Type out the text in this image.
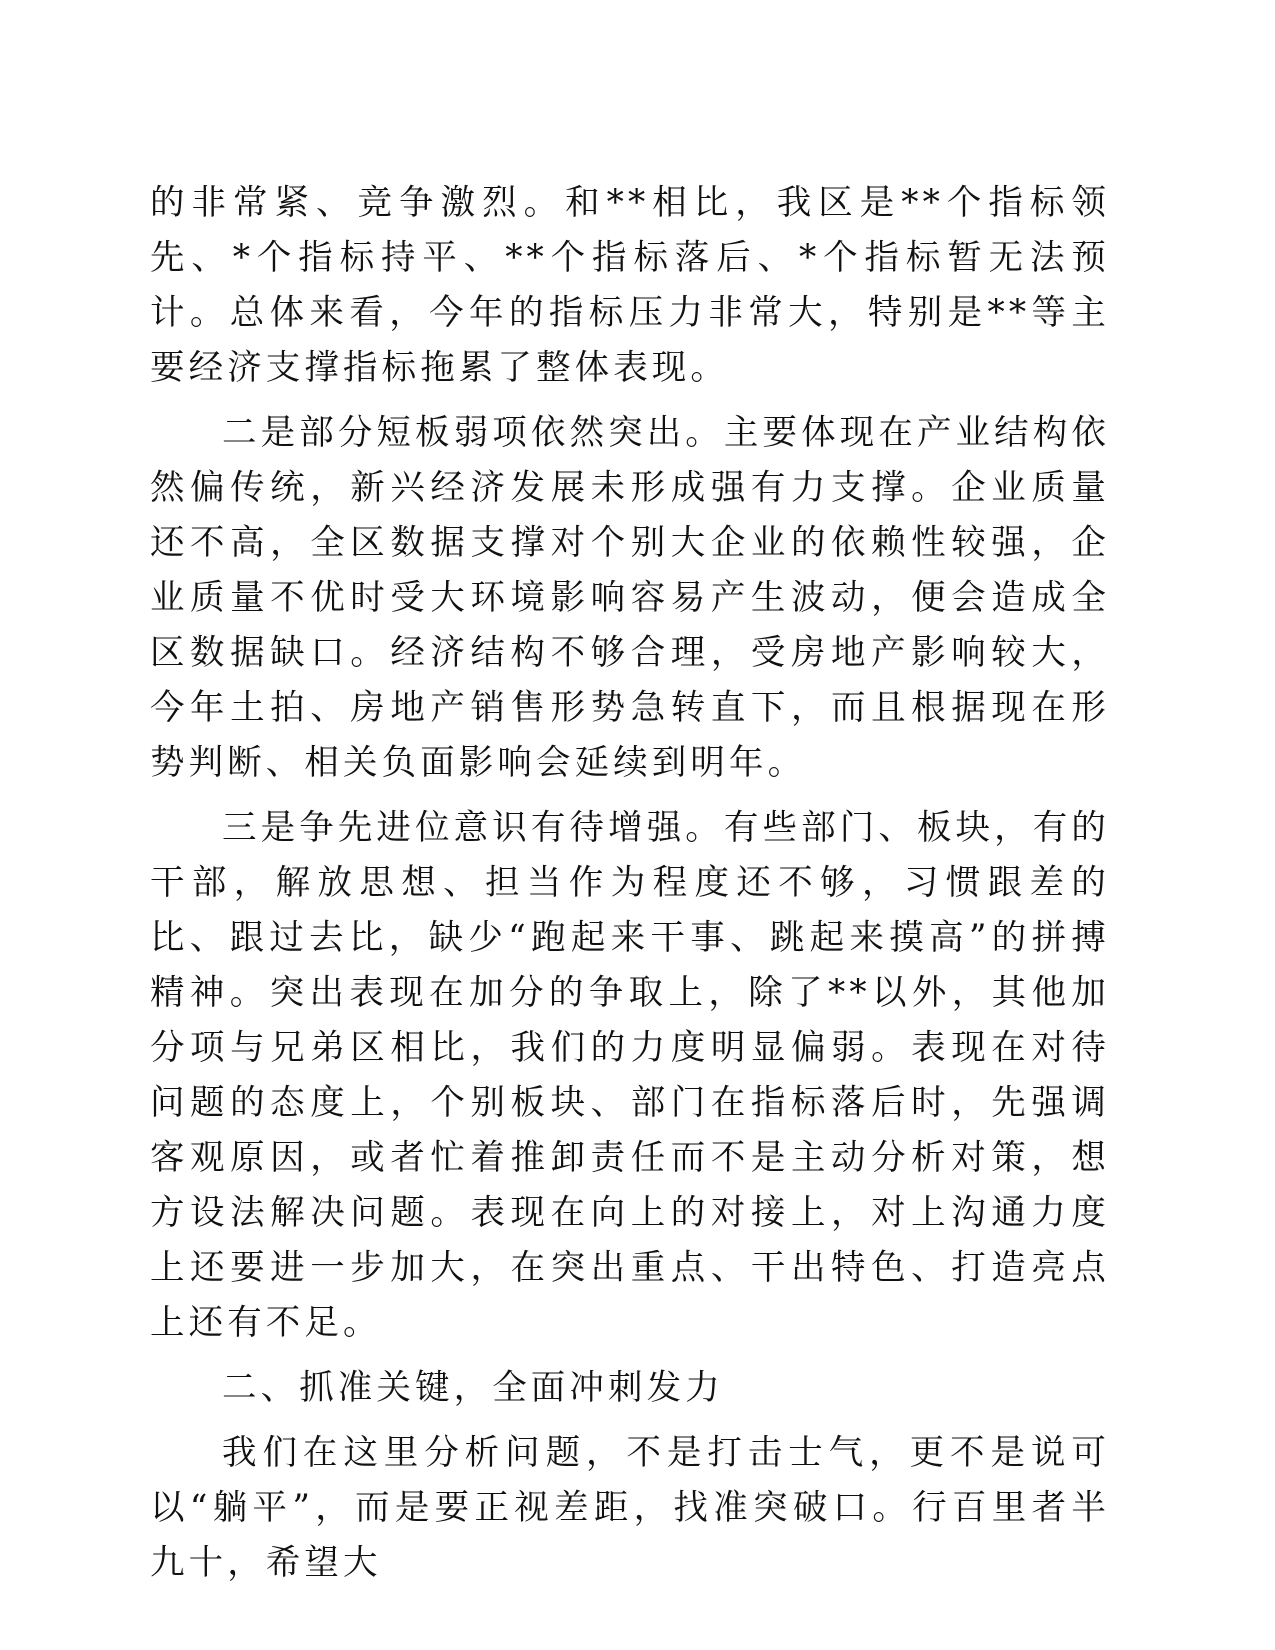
的非常紧、竞争激烈。和**相比，我区是**个指标领先、*个指标持平、**个指标落后、*个指标暂无法预计。总体来看，今年的指标压力非常大，特别是**等主要经济支撑指标拖累了整体表现。

二是部分短板弱项依然突出。主要体现在产业结构依然偏传统，新兴经济发展未形成强有力支撑。企业质量还不高，全区数据支撑对个别大企业的依赖性较强，企业质量不优时受大环境影响容易产生波动，便会造成全区数据缺口。经济结构不够合理，受房地产影响较大，今年土拍、房地产销售形势急转直下，而且根据现在形势判断、相关负面影响会延续到明年。

三是争先进位意识有待增强。有些部门、板块，有的干部，解放思想、担当作为程度还不够，习惯跟差的比、跟过去比，缺少“跑起来干事、跳起来摸高”的拼搏精神。突出表现在加分的争取上，除了**以外，其他加分项与兄弟区相比，我们的力度明显偏弱。表现在对待问题的态度上，个别板块、部门在指标落后时，先强调客观原因，或者忙着推卸责任而不是主动分析对策，想方设法解决问题。表现在向上的对接上，对上沟通力度上还要进一步加大，在突出重点、干出特色、打造亮点上还有不足。

二、抓准关键，全面冲刺发力

我们在这里分析问题，不是打击士气，更不是说可以“躺平”，而是要正视差距，找准突破口。行百里者半九十，希望大
